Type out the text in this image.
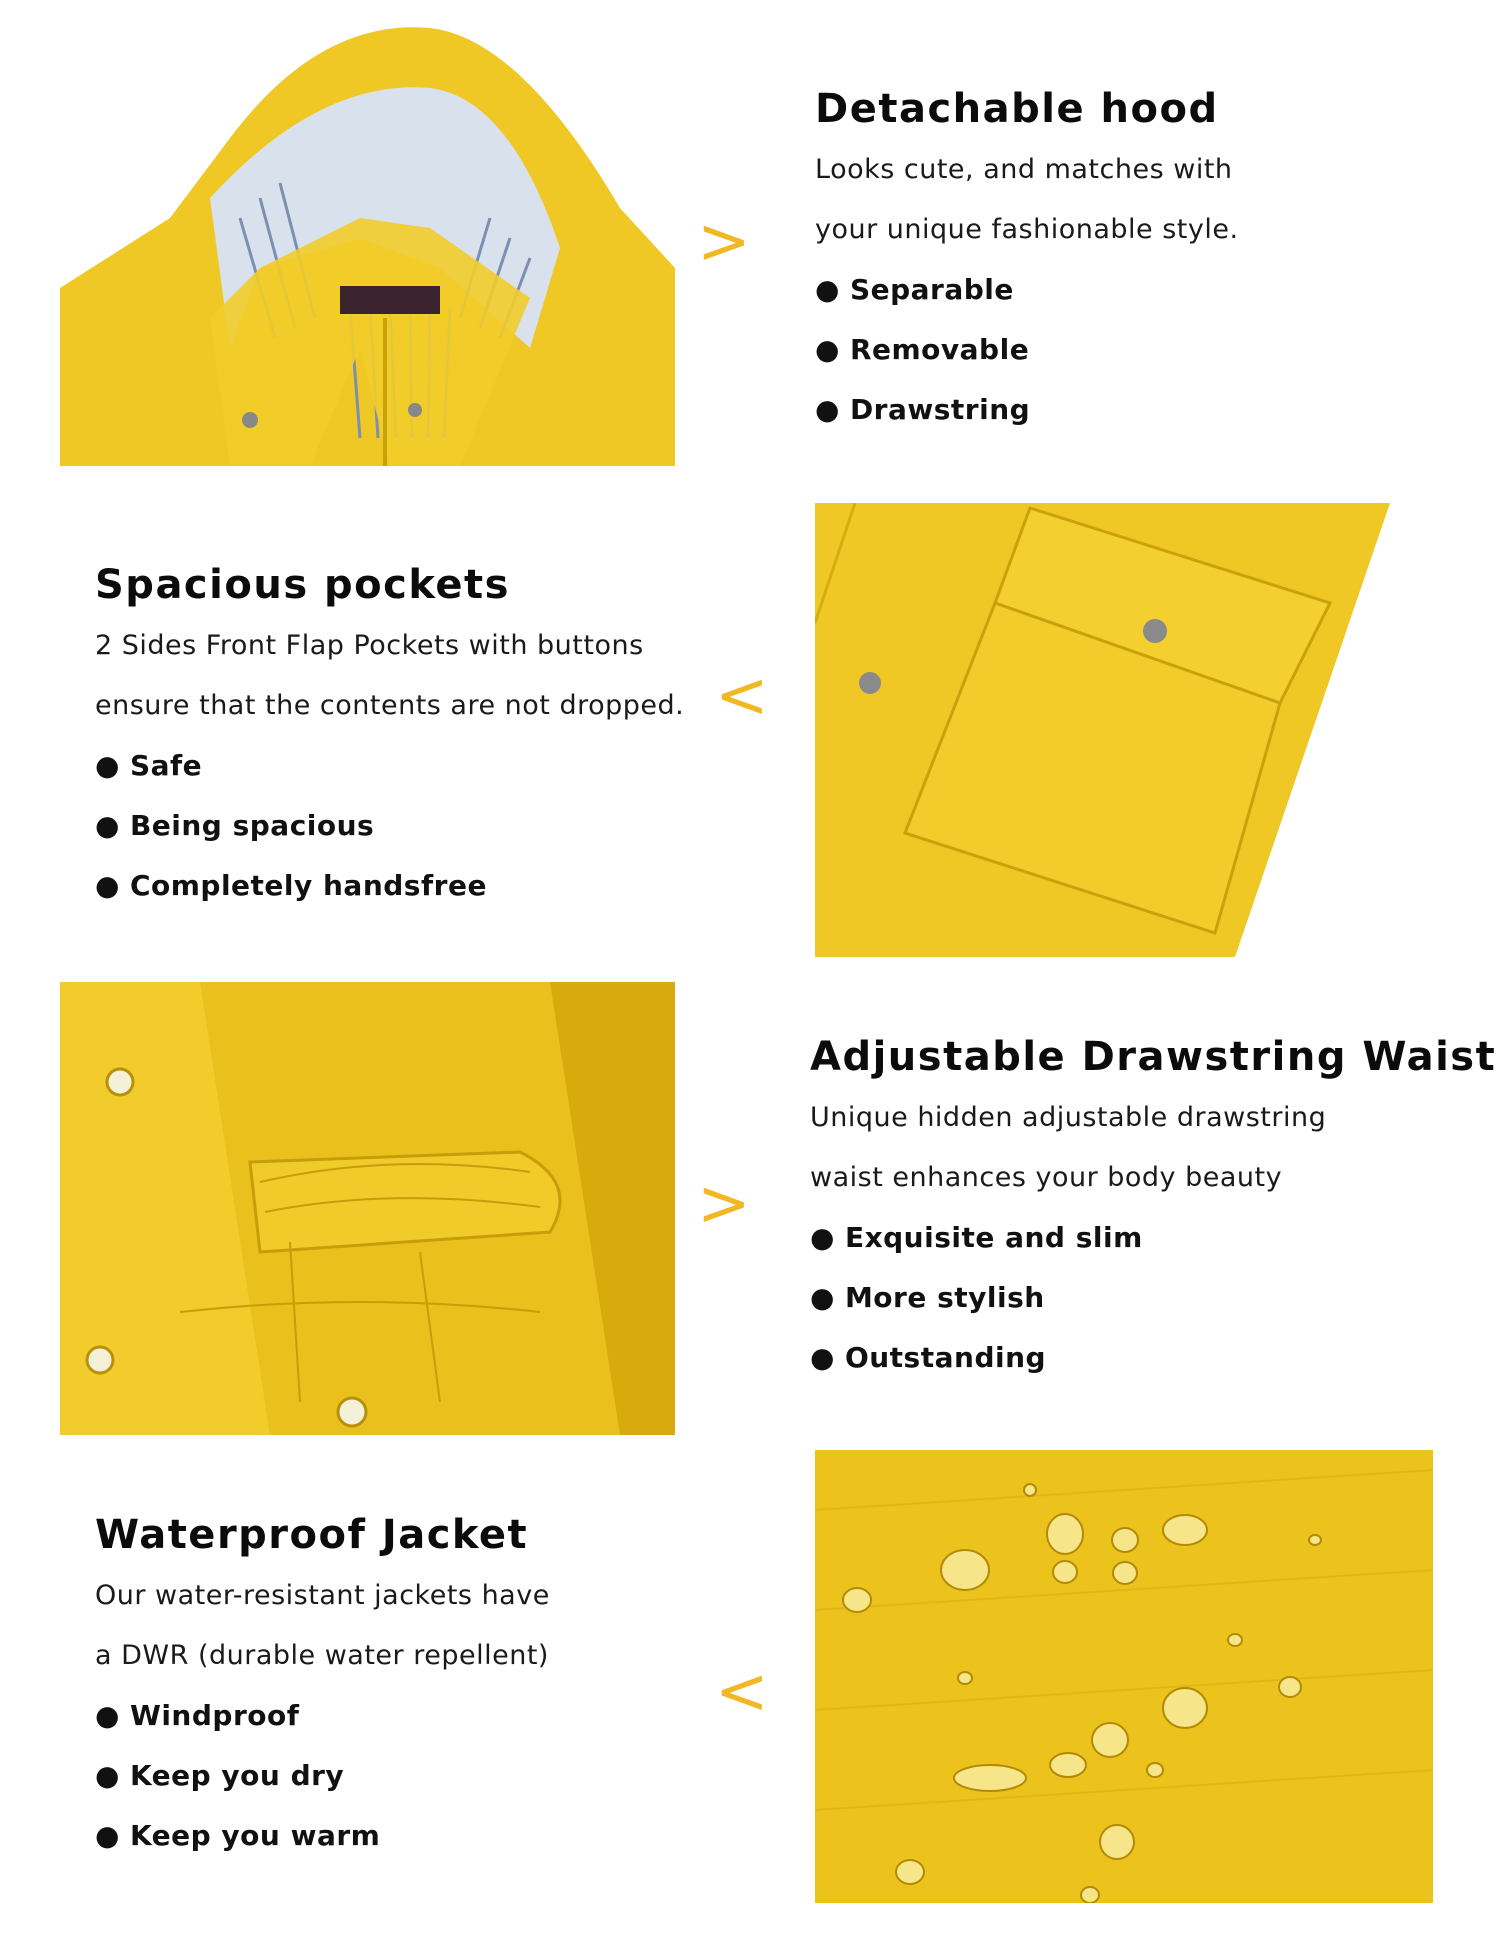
>
Detachable hood
Looks cute, and matches with
your unique fashionable style.
● Separable
● Removable
● Drawstring
Spacious pockets
2 Sides Front Flap Pockets with buttons
ensure that the contents are not dropped.
● Safe
● Being spacious
● Completely handsfree
<
>
Adjustable Drawstring Waist
Unique hidden adjustable drawstring
waist enhances your body beauty
● Exquisite and slim
● More stylish
● Outstanding
Waterproof Jacket
Our water-resistant jackets have
a DWR (durable water repellent)
● Windproof
● Keep you dry
● Keep you warm
<
